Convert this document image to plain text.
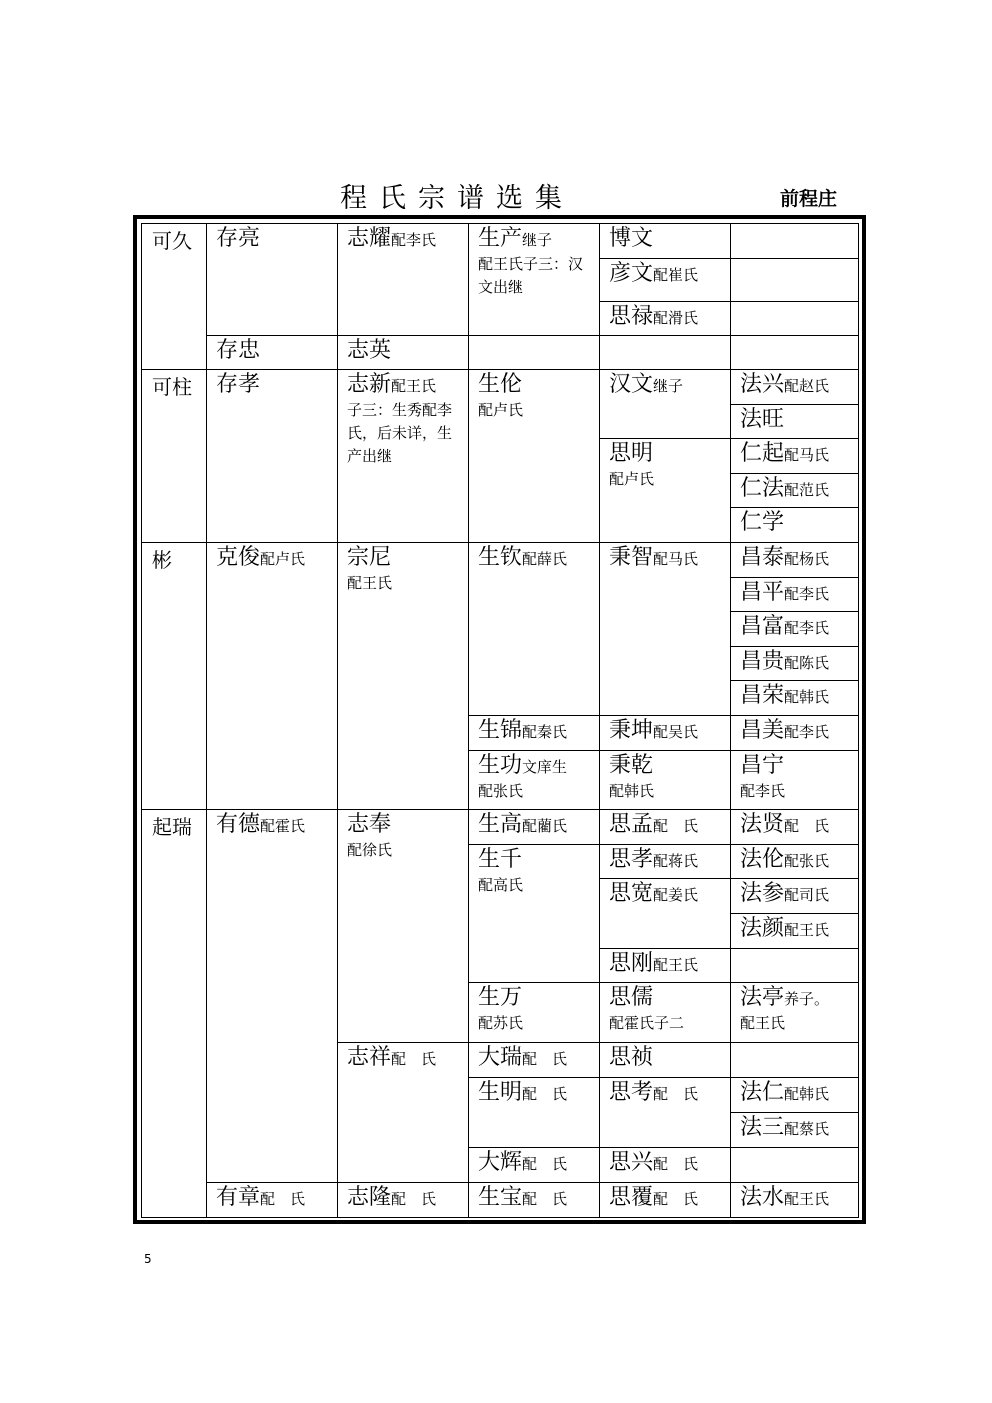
程氏宗谱选集	前程庄
可久
可柱
彬
起瑞
存亮
存忠
存孝
克俊配卢氏
有德配霍氏
有章配　氏
志耀配李氏
志英
志新配王氏
子三：生秀配李氏，后未详，生产出继
宗尼
配王氏
志奉
配徐氏
志祥配　氏
志隆配　氏
生产继子
配王氏子三：汉文出继
生伦
配卢氏
生钦配薛氏
生锦配秦氏
生功文庠生
配张氏
生高配藺氏
生千
配高氏
生万
配苏氏
大瑞配　氏
生明配　氏
大辉配　氏
生宝配　氏
博文
彦文配崔氏
思禄配滑氏
汉文继子
思明
配卢氏
秉智配马氏
秉坤配吴氏
秉乾
配韩氏
思孟配　氏
思孝配蒋氏
思宽配姜氏
思刚配王氏
思儒
配霍氏子二
思祯
思考配　氏
思兴配　氏
思覆配　氏
法兴配赵氏
法旺
仁起配马氏
仁法配范氏
仁学
昌泰配杨氏
昌平配李氏
昌富配李氏
昌贵配陈氏
昌荣配韩氏
昌美配李氏
昌宁
配李氏
法贤配　氏
法伦配张氏
法参配司氏
法颜配王氏
法亭养子。
配王氏
法仁配韩氏
法三配蔡氏
法水配王氏
5
